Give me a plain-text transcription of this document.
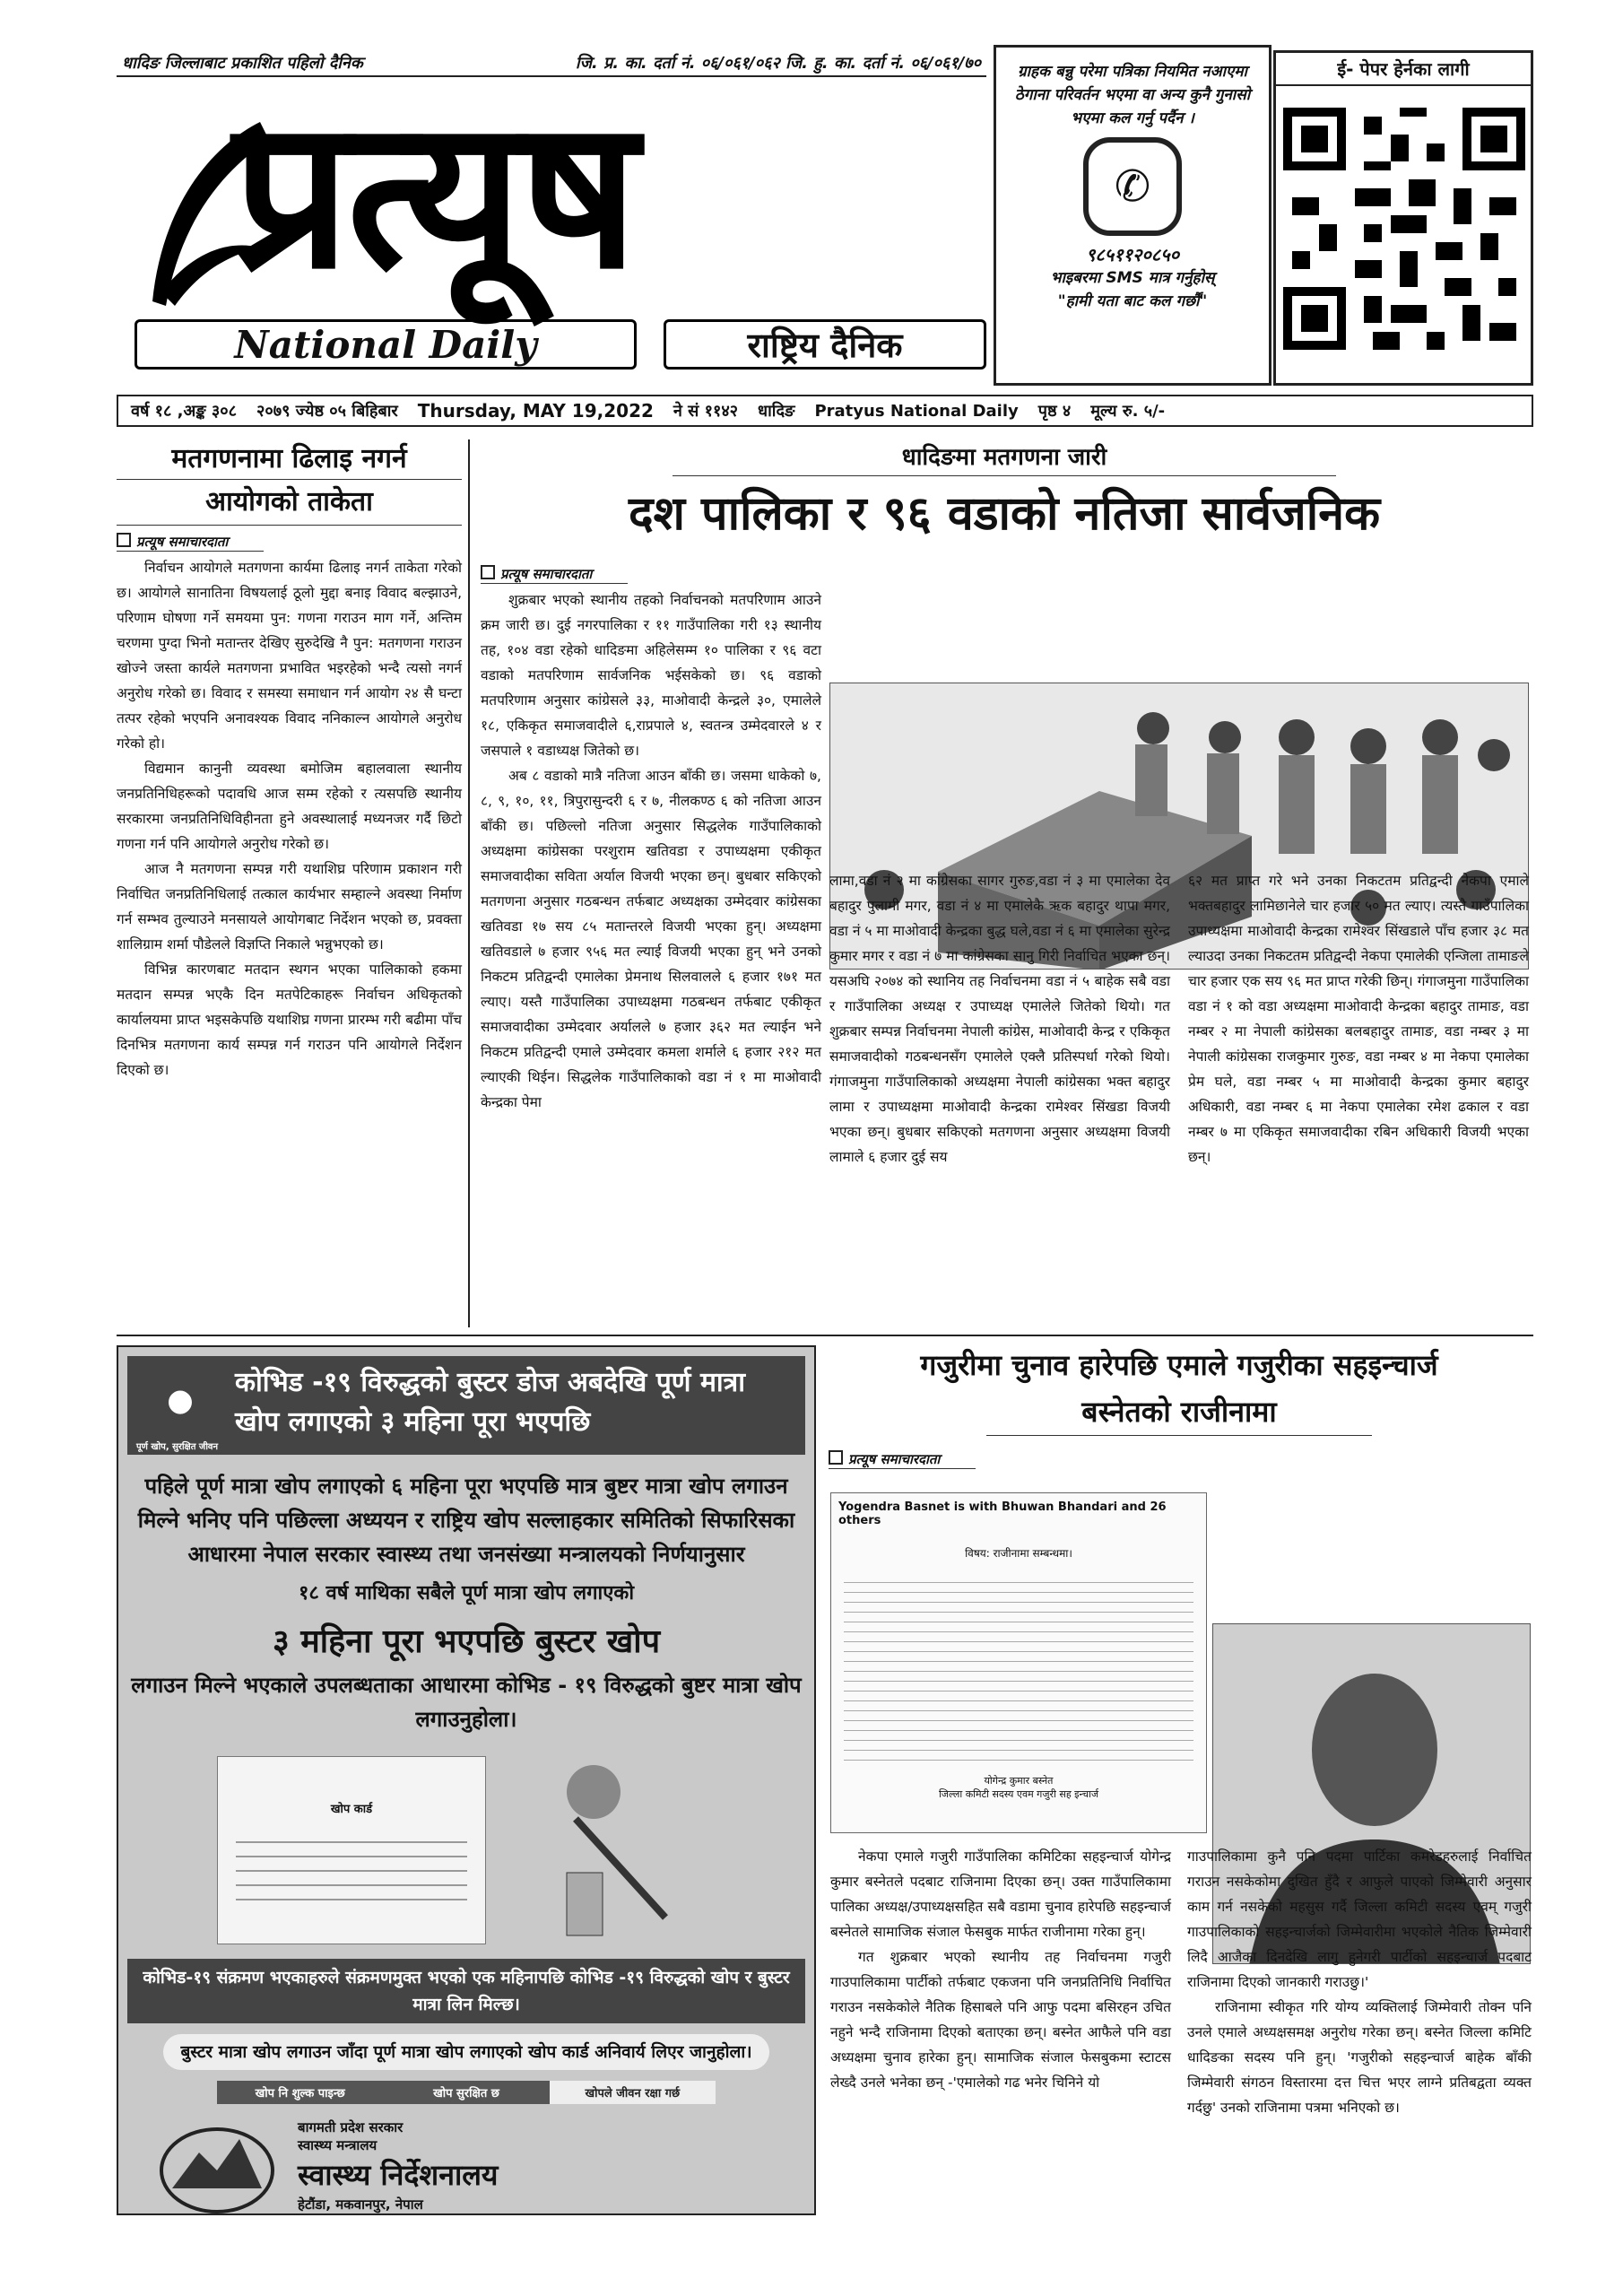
धादिङ जिल्लाबाट प्रकाशित पहिलो दैनिक	जि. प्र. का. दर्ता नं. ०६/०६१/०६२ जि. हु. का. दर्ता नं. ०६/०६१/७०
प्रत्यूष
National Daily	राष्ट्रिय दैनिक

ग्राहक बन्नु परेमा पत्रिका नियमित नआएमा ठेगाना परिवर्तन भएमा वा अन्य कुनै गुनासो भएमा कल गर्नु पर्दैन ।

✆

९८५११२०८५०

भाइबरमा SMS मात्र गर्नुहोस्

"हामी यता बाट कल गर्छौं"

ई- पेपर हेर्नका लागी
वर्ष १८ ,अङ्क ३०८ २०७९ ज्येष्ठ ०५ बिहिबार Thursday, MAY 19,2022 ने सं ११४२ धादिङ Pratyus National Daily पृष्ठ ४ मूल्य रु. ५/-
मतगणनामा ढिलाइ नगर्न
आयोगको ताकेता
प्रत्यूष समाचारदाता

निर्वाचन आयोगले मतगणना कार्यमा ढिलाइ नगर्न ताकेता गरेको छ। आयोगले सानातिना विषयलाई ठूलो मुद्दा बनाइ विवाद बल्झाउने, परिणाम घोषणा गर्ने समयमा पुन: गणना गराउन माग गर्ने, अन्तिम चरणमा पुग्दा भिनो मतान्तर देखिए सुरुदेखि नै पुन: मतगणना गराउन खोज्ने जस्ता कार्यले मतगणना प्रभावित भइरहेको भन्दै त्यसो नगर्न अनुरोध गरेको छ। विवाद र समस्या समाधान गर्न आयोग २४ सै घन्टा तत्पर रहेको भएपनि अनावश्यक विवाद ननिकाल्न आयोगले अनुरोध गरेको हो।

विद्यमान कानुनी व्यवस्था बमोजिम बहालवाला स्थानीय जनप्रतिनिधिहरूको पदावधि आज सम्म रहेको र त्यसपछि स्थानीय सरकारमा जनप्रतिनिधिविहीनता हुने अवस्थालाई मध्यनजर गर्दै छिटो गणना गर्न पनि आयोगले अनुरोध गरेको छ।

आज नै मतगणना सम्पन्न गरी यथाशिघ्र परिणाम प्रकाशन गरी निर्वाचित जनप्रतिनिधिलाई तत्काल कार्यभार सम्हाल्ने अवस्था निर्माण गर्न सम्भव तुल्याउने मनसायले आयोगबाट निर्देशन भएको छ, प्रवक्ता शालिग्राम शर्मा पौडेलले विज्ञप्ति निकाले भन्नुभएको छ।

विभिन्न कारणबाट मतदान स्थगन भएका पालिकाको हकमा मतदान सम्पन्न भएकै दिन मतपेटिकाहरू निर्वाचन अधिकृतको कार्यालयमा प्राप्त भइसकेपछि यथाशिघ्र गणना प्रारम्भ गरी बढीमा पाँच दिनभित्र मतगणना कार्य सम्पन्न गर्न गराउन पनि आयोगले निर्देशन दिएको छ।

धादिङमा मतगणना जारी
दश पालिका र ९६ वडाको नतिजा सार्वजनिक
प्रत्यूष समाचारदाता

शुक्रबार भएको स्थानीय तहको निर्वाचनको मतपरिणाम आउने क्रम जारी छ। दुई नगरपालिका र ११ गाउँपालिका गरी १३ स्थानीय तह, १०४ वडा रहेको धादिङमा अहिलेसम्म १० पालिका र ९६ वटा वडाको मतपरिणाम सार्वजनिक भईसकेको छ। ९६ वडाको मतपरिणाम अनुसार कांग्रेसले ३३, माओवादी केन्द्रले ३०, एमालेले १८, एकिकृत समाजवादीले ६,राप्रपाले ४, स्वतन्त्र उम्मेदवारले ४ र जसपाले १ वडाध्यक्ष जितेको छ।

अब ८ वडाको मात्रै नतिजा आउन बाँकी छ। जसमा धाकेको ७, ८, ९, १०, ११, त्रिपुरासुन्दरी ६ र ७, नीलकण्ठ ६ को नतिजा आउन बाँकी छ। पछिल्लो नतिजा अनुसार सिद्धलेक गाउँपालिकाको अध्यक्षमा कांग्रेसका परशुराम खतिवडा र उपाध्यक्षमा एकीकृत समाजवादीका सविता अर्याल विजयी भएका छन्। बुधबार सकिएको मतगणना अनुसार गठबन्धन तर्फबाट अध्यक्षका उम्मेदवार कांग्रेसका खतिवडा १७ सय ८५ मतान्तरले विजयी भएका हुन्। अध्यक्षमा खतिवडाले ७ हजार ९५६ मत ल्याई विजयी भएका हुन् भने उनको निकटम प्रतिद्वन्दी एमालेका प्रेमनाथ सिलवालले ६ हजार १७१ मत ल्याए। यस्तै गाउँपालिका उपाध्यक्षमा गठबन्धन तर्फबाट एकीकृत समाजवादीका उम्मेदवार अर्यालले ७ हजार ३६२ मत ल्याईन भने निकटम प्रतिद्वन्दी एमाले उम्मेदवार कमला शर्माले ६ हजार २१२ मत ल्याएकी थिईन। सिद्धलेक गाउँपालिकाको वडा नं १ मा माओवादी केन्द्रका पेमा

लामा,वडा नं २ मा कांग्रेसका सागर गुरुङ,वडा नं ३ मा एमालेका देव बहादुर पुलामी मगर, वडा नं ४ मा एमालेकै ऋक बहादुर थापा मगर, वडा नं ५ मा माओवादी केन्द्रका बुद्ध घले,वडा नं ६ मा एमालेका सुरेन्द्र कुमार मगर र वडा नं ७ मा कांग्रेसका सानु गिरी निर्वाचित भएका छन्। यसअघि २०७४ को स्थानिय तह निर्वाचनमा वडा नं ५ बाहेक सबै वडा र गाउँपालिका अध्यक्ष र उपाध्यक्ष एमालेले जितेको थियो। गत शुक्रबार सम्पन्न निर्वाचनमा नेपाली कांग्रेस, माओवादी केन्द्र र एकिकृत समाजवादीको गठबन्धनसँग एमालेले एक्लै प्रतिस्पर्धा गरेको थियो। गंगाजमुना गाउँपालिकाको अध्यक्षमा नेपाली कांग्रेसका भक्त बहादुर लामा र उपाध्यक्षमा माओवादी केन्द्रका रामेश्वर सिंखडा विजयी भएका छन्। बुधबार सकिएको मतगणना अनुसार अध्यक्षमा विजयी लामाले ६ हजार दुई सय

६२ मत प्राप्त गरे भने उनका निकटतम प्रतिद्वन्दी नेकपा एमाले भक्तबहादुर लामिछानेले चार हजार ५० मत ल्याए। त्यस्तै गाउँपालिका उपाध्यक्षमा माओवादी केन्द्रका रामेश्वर सिंखडाले पाँच हजार ३८ मत ल्याउदा उनका निकटतम प्रतिद्वन्दी नेकपा एमालेकी एन्जिला तामाङले चार हजार एक सय ९६ मत प्राप्त गरेकी छिन्। गंगाजमुना गाउँपालिका वडा नं १ को वडा अध्यक्षमा माओवादी केन्द्रका बहादुर तामाङ, वडा नम्बर २ मा नेपाली कांग्रेसका बलबहादुर तामाङ, वडा नम्बर ३ मा नेपाली कांग्रेसका राजकुमार गुरुङ, वडा नम्बर ४ मा नेकपा एमालेका प्रेम घले, वडा नम्बर ५ मा माओवादी केन्द्रका कुमार बहादुर अधिकारी, वडा नम्बर ६ मा नेकपा एमालेका रमेश ढकाल र वडा नम्बर ७ मा एकिकृत समाजवादीका रबिन अधिकारी विजयी भएका छन्।

⚫	कोभिड -१९ विरुद्धको बुस्टर डोज अबदेखि पूर्ण मात्रा खोप लगाएको ३ महिना पूरा भएपछि
पूर्ण खोप, सुरक्षित जीवन
पहिले पूर्ण मात्रा खोप लगाएको ६ महिना पूरा भएपछि मात्र बुष्टर मात्रा खोप लगाउन मिल्ने भनिए पनि पछिल्ला अध्ययन र राष्ट्रिय खोप सल्लाहकार समितिको सिफारिसका आधारमा नेपाल सरकार स्वास्थ्य तथा जनसंख्या मन्त्रालयको निर्णयानुसार
१८ वर्ष माथिका सबैले पूर्ण मात्रा खोप लगाएको
३ महिना पूरा भएपछि बुस्टर खोप
लगाउन मिल्ने भएकाले उपलब्धताका आधारमा कोभिड - १९ विरुद्धको बुष्टर मात्रा खोप लगाउनुहोला।
खोप कार्ड
कोभिड-१९ संक्रमण भएकाहरुले संक्रमणमुक्त भएको एक महिनापछि कोभिड -१९ विरुद्धको खोप र बुस्टर मात्रा लिन मिल्छ।
बुस्टर मात्रा खोप लगाउन जाँदा पूर्ण मात्रा खोप लगाएको खोप कार्ड अनिवार्य लिएर जानुहोला।
खोप नि शुल्क पाइन्छ	खोप सुरक्षित छ	खोपले जीवन रक्षा गर्छ
बागमती प्रदेश सरकार
स्वास्थ्य मन्त्रालय
स्वास्थ्य निर्देशनालय
हेटौंडा, मकवानपुर, नेपाल
गजुरीमा चुनाव हारेपछि एमाले गजुरीका सहइन्चार्ज
बस्नेतको राजीनामा
प्रत्यूष समाचारदाता
Yogendra Basnet is with Bhuwan Bhandari and 26 others
विषय: राजीनामा सम्बन्धमा।
योगेन्द्र कुमार बस्नेत
जिल्ला कमिटी सदस्य एवम गजुरी सह इन्चार्ज

नेकपा एमाले गजुरी गाउँपालिका कमिटिका सहइन्चार्ज योगेन्द्र कुमार बस्नेतले पदबाट राजिनामा दिएका छन्। उक्त गाउँपालिकामा पालिका अध्यक्ष/उपाध्यक्षसहित सबै वडामा चुनाव हारेपछि सहइन्चार्ज बस्नेतले सामाजिक संजाल फेसबुक मार्फत राजीनामा गरेका हुन्।

गत शुक्रबार भएको स्थानीय तह निर्वाचनमा गजुरी गाउपालिकामा पार्टीको तर्फबाट एकजना पनि जनप्रतिनिधि निर्वाचित गराउन नसकेकोले नैतिक हिसाबले पनि आफु पदमा बसिरहन उचित नहुने भन्दै राजिनामा दिएको बताएका छन्। बस्नेत आफैले पनि वडा अध्यक्षमा चुनाव हारेका हुन्। सामाजिक संजाल फेसबुकमा स्टाटस लेख्दै उनले भनेका छन् -'एमालेको गढ भनेर चिनिने यो

गाउपालिकामा कुनै पनि पदमा पार्टिका कमरेडहरुलाई निर्वाचित गराउन नसकेकोमा दुखित हुँदै र आफुले पाएको जिम्मेवारी अनुसार काम गर्न नसकेको महसुस गर्दै जिल्ला कमिटी सदस्य एवम् गजुरी गाउपालिकाको सहइन्चार्जको जिम्मेवारीमा भएकोले नैतिक जिम्मेवारी लिदै आजैका दिनदेखि लागु हुनेगरी पार्टीको सहइन्चार्ज पदबाट राजिनामा दिएको जानकारी गराउछु।'

राजिनामा स्वीकृत गरि योग्य व्यक्तिलाई जिम्मेवारी तोक्न पनि उनले एमाले अध्यक्षसमक्ष अनुरोध गरेका छन्। बस्नेत जिल्ला कमिटि धादिङका सदस्य पनि हुन्। 'गजुरीको सहइन्चार्ज बाहेक बाँकी जिम्मेवारी संगठन विस्तारमा दत्त चित्त भएर लाग्ने प्रतिबद्वता व्यक्त गर्दछु' उनको राजिनामा पत्रमा भनिएको छ।
